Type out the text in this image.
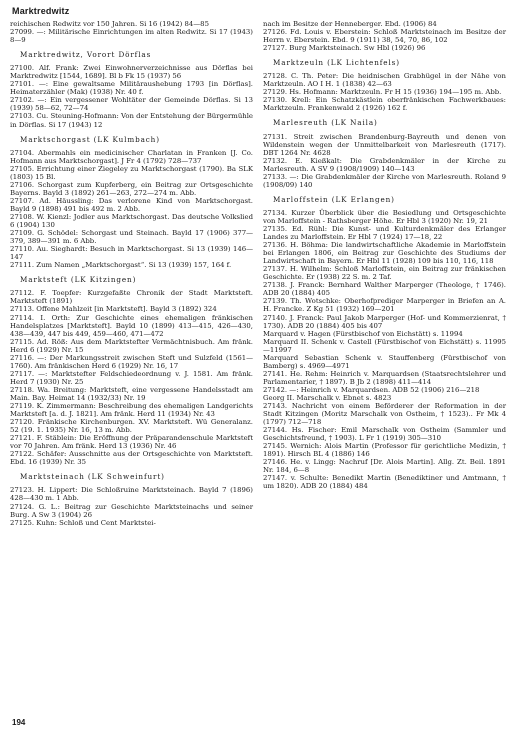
Marktredwitz
reichischen Redwitz vor 150 Jahren. Si 16 (1942) 84—85
27099. —: Militärische Einrichtungen im alten Redwitz. Si 17 (1943) 8—9
Marktredwitz, Vorort Dörflas
27100. Alf. Frank: Zwei Einwohnerverzeichnisse aus Dörflas bei Marktredwitz [1544, 1689]. Bl b Fk 15 (1937) 56
27101. —: Eine gewaltsame Militäraushebung 1793 [in Dörflas]. Heimaterzähler (Mak) (1938) Nr. 40 f.
27102. —: Ein vergessener Wohltäter der Gemeinde Dörflas. Si 13 (1939) 58—62, 72—74
27103. Cu. Steuning-Hofmann: Von der Entstehung der Bürgermühle in Dörflas. Si 17 (1943) 12
Marktschorgast (LK Kulmbach)
27104. Abermahls ein medicinischer Charlatan in Franken [J. Co. Hofmann aus Marktschorgast]. J Fr 4 (1792) 728—737
27105. Errichtung einer Ziegeley zu Marktschorgast (1790). Ba SLK (1803) 15 Bl.
27106. Schorgast zum Kupferberg, ein Beitrag zur Ortsgeschichte Bayerns. Bayld 3 (1892) 261—263, 272—274 m. Abb.
27107. Ad. Häussling: Das verlorene Kind von Marktschorgast. Bayld 9 (1898) 491 bis 492 m. 2 Abb.
27108. W. Kienzl: Jodler aus Marktschorgast. Das deutsche Volkslied 6 (1904) 130
27109. G. Schödel: Schorgast und Steinach. Bayld 17 (1906) 377—379, 389—391 m. 6 Abb.
27110. Au. Sieghardt: Besuch in Marktschorgast. Si 13 (1939) 146—147
27111. Zum Namen „Marktschorgast“. Si 13 (1939) 157, 164 f.
Marktsteft (LK Kitzingen)
27112. F. Toepfer: Kurzgefaßte Chronik der Stadt Marktsteft. Marktsteft (1891)
27113. Offene Mahlzeit [in Marktsteft]. Bayld 3 (1892) 324
27114. I. Orth: Zur Geschichte eines ehemaligen fränkischen Handelsplatzes [Marktsteft]. Bayld 10 (1899) 413—415, 426—430, 438—439, 447 bis 449, 459—460, 471—472
27115. Ad. Röß: Aus dem Marktstefter Vermächtnisbuch. Am fränk. Herd 6 (1929) Nr. 15
27116. —: Der Markungsstreit zwischen Steft und Sulzfeld (1561—1760). Am fränkischen Herd 6 (1929) Nr. 16, 17
27117. —: Marktstefter Feldschiedeordnung v. J. 1581. Am fränk. Herd 7 (1930) Nr. 25
27118. Wa. Breitung: Marktsteft, eine vergessene Handelsstadt am Main. Bay. Heimat 14 (1932/33) Nr. 19
27119. K. Zimmermann: Beschreibung des ehemaligen Landgerichts Marktsteft [a. d. J. 1821]. Am fränk. Herd 11 (1934) Nr. 43
27120. Fränkische Kirchenburgen. XV. Marktsteft. Wü Generalanz. 52 (19. 1. 1935) Nr. 16, 13 m. Abb.
27121. F. Stäblein: Die Eröffnung der Präparandenschule Marktsteft vor 70 Jahren. Am fränk. Herd 13 (1936) Nr. 46
27122. Schäfer: Ausschnitte aus der Ortsgeschichte von Marktsteft. Ebd. 16 (1939) Nr. 35
Marktsteinach (LK Schweinfurt)
27123. H. Lippert: Die Schloßruine Marktsteinach. Bayld 7 (1896) 428—430 m. 1 Abb.
27124. G. L.: Beitrag zur Geschichte Marktsteinachs und seiner Burg. A Sw 3 (1904) 26
27125. Kuhn: Schloß und Cent Marktstei-
nach im Besitze der Henneberger. Ebd. (1906) 84
27126. Fd. Louis v. Eberstein: Schloß Marktsteinach im Besitze der Herrn v. Eberstein. Ebd. 9 (1911) 38, 54, 70, 86, 102
27127. Burg Marktsteinach. Sw Hbl (1926) 96
Marktzeuln (LK Lichtenfels)
27128. C. Th. Peter: Die heidnischen Grabhügel in der Nähe von Marktzeuln. AO I H. 1 (1838) 42—63
27129. Hs. Hofmann: Marktzeuln. Fr H 15 (1936) 194—195 m. Abb.
27130. Krell: Ein Schatzkästlein oberfränkischen Fachwerkbaues: Marktzeuln. Frankenwald 2 (1926) 162 f.
Marlesreuth (LK Naila)
27131. Streit zwischen Brandenburg-Bayreuth und denen von Wildenstein wegen der Unmittelbarkeit von Marlesreuth (1717). DBT 1264 Nr. 4628
27132. E. Kießkalt: Die Grabdenkmäler in der Kirche zu Marlesreuth. A SV 9 (1908/1909) 140—143
27133. —: Die Grabdenkmäler der Kirche von Marlesreuth. Roland 9 (1908/09) 140
Marloffstein (LK Erlangen)
27134. Kurzer Überblick über die Besiedlung und Ortsgeschichte von Marloffstein - Rathsberger Höhe. Er Hbl 3 (1920) Nr. 19, 21
27135. Ed. Rühl: Die Kunst- und Kulturdenkmäler des Erlanger Landes zu Marloffstein. Er Hbl 7 (1924) 17—18, 22
27136. H. Böhma: Die landwirtschaftliche Akademie in Marloffstein bei Erlangen 1806, ein Beitrag zur Geschichte des Studiums der Landwirtschaft in Bayern. Er Hbl 11 (1928) 109 bis 110, 116, 118
27137. H. Wilhelm: Schloß Marloffstein, ein Beitrag zur fränkischen Geschichte. Er (1938) 22 S. m. 2 Taf.
27138. J. Franck: Bernhard Walther Marperger (Theologe, † 1746). ADB 20 (1884) 405
27139. Th. Wotschke: Oberhofprediger Marperger in Briefen an A. H. Francke. Z Kg 51 (1932) 169—201
27140. J. Franck: Paul Jakob Marperger (Hof- und Kommerzienrat, † 1730). ADB 20 (1884) 405 bis 407
Marquard v. Hagen (Fürstbischof von Eichstätt) s. 11994
Marquard II. Schenk v. Castell (Fürstbischof von Eichstätt) s. 11995—11997
Marquard Sebastian Schenk v. Stauffenberg (Fürstbischof von Bamberg) s. 4969—4971
27141. He. Rehm: Heinrich v. Marquardsen (Staatsrechtslehrer und Parlamentarier, † 1897). B Jb 2 (1898) 411—414
27142. —: Heinrich v. Marquardsen. ADB 52 (1906) 216—218
Georg II. Marschalk v. Ebnet s. 4823
27143. Nachricht von einem Beförderer der Reformation in der Stadt Kitzingen (Moritz Marschalk von Ostheim, † 1523).. Fr Mk 4 (1797) 712—718
27144. Hs. Fischer: Emil Marschalk von Ostheim (Sammler und Geschichtsfreund, † 1903). L Fr 1 (1919) 305—310
27145. Wernich: Alois Martin (Professor für gerichtliche Medizin, † 1891). Hirsch BL 4 (1886) 146
27146. He. v. Lingg: Nachruf [Dr. Alois Martin]. Allg. Zt. Beil. 1891 Nr. 184, 6—8
27147. v. Schulte: Benedikt Martin (Benediktiner und Amtmann, † um 1820). ADB 20 (1884) 484
194
